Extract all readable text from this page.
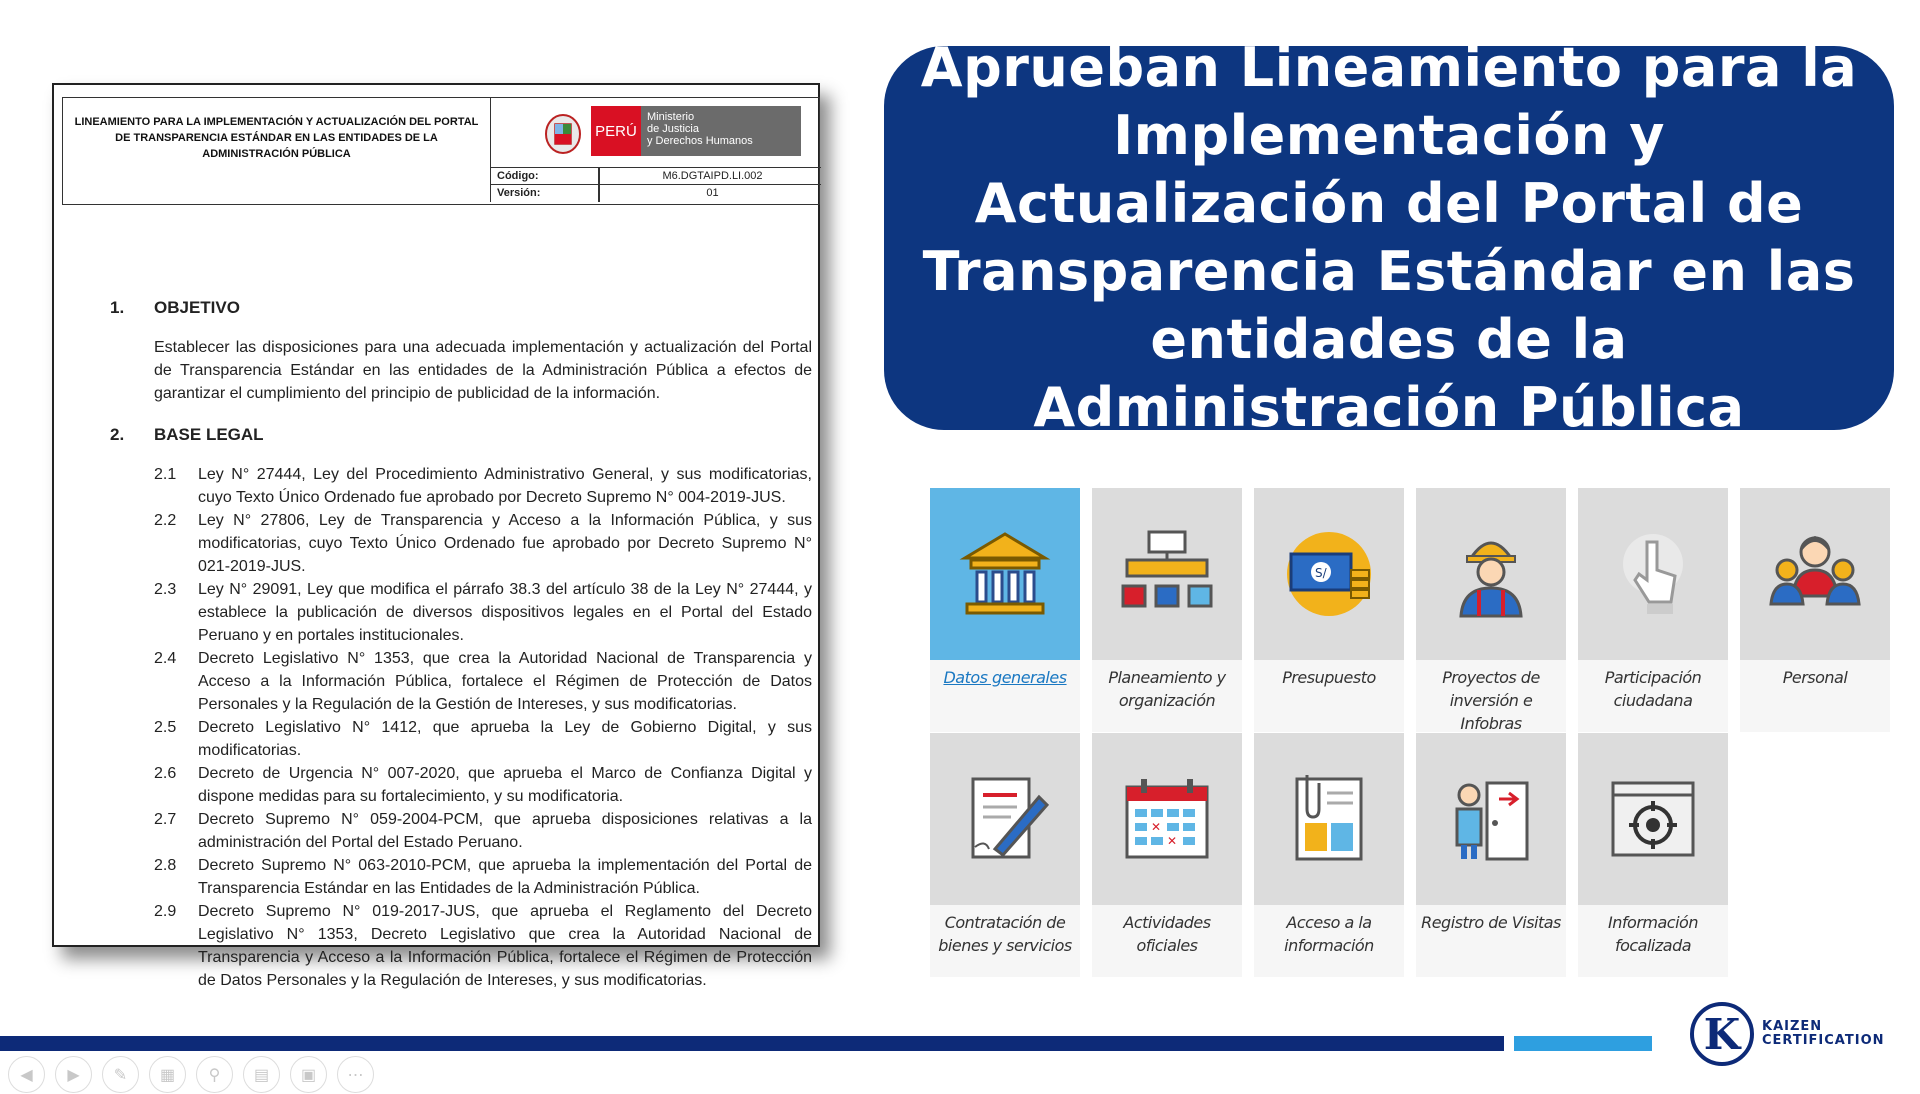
LINEAMIENTO PARA LA IMPLEMENTACIÓN Y ACTUALIZACIÓN DEL PORTAL DE TRANSPARENCIA ESTÁNDAR EN LAS ENTIDADES DE LA ADMINISTRACIÓN PÚBLICA
PERÚ
Ministerio
de Justicia
y Derechos Humanos
Código:	M6.DGTAIPD.LI.002
Versión:	01
1. OBJETIVO
Establecer las disposiciones para una adecuada implementación y actualización del Portal de Transparencia Estándar en las entidades de la Administración Pública a efectos de garantizar el cumplimiento del principio de publicidad de la información.
2. BASE LEGAL
2.1 Ley N° 27444, Ley del Procedimiento Administrativo General, y sus modificatorias, cuyo Texto Único Ordenado fue aprobado por Decreto Supremo N° 004-2019-JUS.
2.2 Ley N° 27806, Ley de Transparencia y Acceso a la Información Pública, y sus modificatorias, cuyo Texto Único Ordenado fue aprobado por Decreto Supremo N° 021-2019-JUS.
2.3 Ley N° 29091, Ley que modifica el párrafo 38.3 del artículo 38 de la Ley N° 27444, y establece la publicación de diversos dispositivos legales en el Portal del Estado Peruano y en portales institucionales.
2.4 Decreto Legislativo N° 1353, que crea la Autoridad Nacional de Transparencia y Acceso a la Información Pública, fortalece el Régimen de Protección de Datos Personales y la Regulación de la Gestión de Intereses, y sus modificatorias.
2.5 Decreto Legislativo N° 1412, que aprueba la Ley de Gobierno Digital, y sus modificatorias.
2.6 Decreto de Urgencia N° 007-2020, que aprueba el Marco de Confianza Digital y dispone medidas para su fortalecimiento, y su modificatoria.
2.7 Decreto Supremo N° 059-2004-PCM, que aprueba disposiciones relativas a la administración del Portal del Estado Peruano.
2.8 Decreto Supremo N° 063-2010-PCM, que aprueba la implementación del Portal de Transparencia Estándar en las Entidades de la Administración Pública.
2.9 Decreto Supremo N° 019-2017-JUS, que aprueba el Reglamento del Decreto Legislativo N° 1353, Decreto Legislativo que crea la Autoridad Nacional de Transparencia y Acceso a la Información Pública, fortalece el Régimen de Protección de Datos Personales y la Regulación de Intereses, y sus modificatorias.
Aprueban Lineamiento para la Implementación y Actualización del Portal de Transparencia Estándar en las entidades de la Administración Pública
Datos generales	Planeamiento y organización
S/
Presupuesto	Proyectos de inversión e Infobras
Participación ciudadana
Personal
Contratación de bienes y servicios
✕
✕
Actividades oficiales
Acceso a la información
Registro de Visitas	Información focalizada
K	KAIZEN
CERTIFICATION
◀	▶	✎	▦	⚲	▤	▣	⋯
